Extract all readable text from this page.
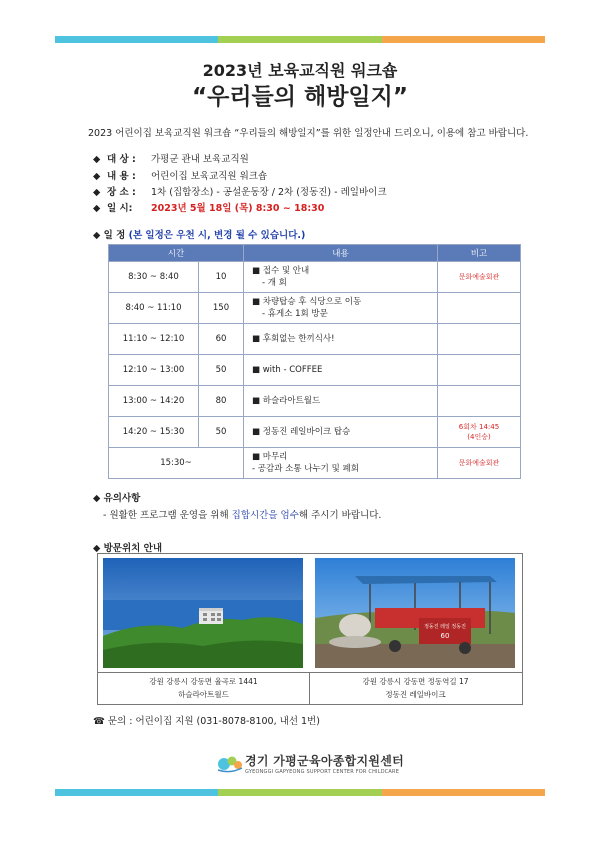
2023년 보육교직원 워크숍
“우리들의 해방일지”
2023 어린이집 보육교직원 워크숍 “우리들의 해방일지”를 위한 일정안내 드리오니, 이용에 참고 바랍니다.
◆ 대 상 : 가평군 관내 보육교직원
◆ 내 용 : 어린이집 보육교직원 워크숍
◆ 장 소 : 1차 (집합장소) - 공설운동장 / 2차 (정동진) - 레일바이크
◆ 일 시: 2023년 5월 18일 (목) 8:30 ~ 18:30
◆ 일 정 (본 일정은 우천 시, 변경 될 수 있습니다.)
시간		내용	비고
8:30 ~ 8:40	10	■ 접수 및 안내
- 개 회	문화예술회관

8:40 ~ 11:10	150	■ 차량탑승 후 식당으로 이동
- 휴게소 1회 방문	

11:10 ~ 12:10	60	■ 후회없는 한끼식사!	

12:10 ~ 13:00	50	■ with - COFFEE	

13:00 ~ 14:20	80	■ 하슬라아트월드	

14:20 ~ 15:30	50	■ 정동진 레일바이크 탑승	6회차 14:45
(4인승)

15:30~		■ 마무리
- 공감과 소통 나누기 및 폐회	문화예술회관
◆ 유의사항
- 원활한 프로그램 운영을 위해 집합시간을 엄수해 주시기 바랍니다.
◆ 방문위치 안내
정동진 레일 정동진
60
강원 강릉시 강동면 율곡로 1441
하슬라아트월드
강원 강릉시 강동면 정동역길 17
정동진 레일바이크
☎ 문의 : 어린이집 지원 (031-8078-8100, 내선 1번)
경기 가평군육아종합지원센터
GYEONGGI GAPYEONG SUPPORT CENTER FOR CHILDCARE
